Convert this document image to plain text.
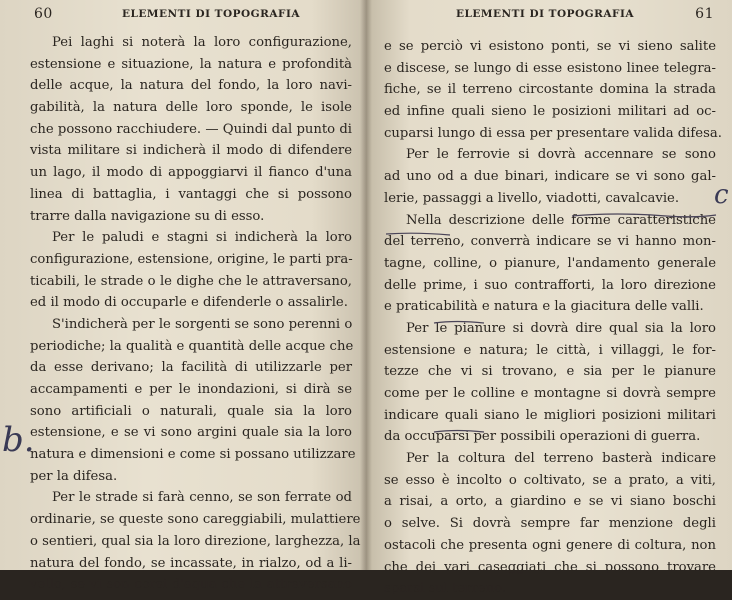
60	ELEMENTI DI TOPOGRAFIA
Pei laghi si noterà la loro configurazione,
estensione e situazione, la natura e profondità
delle acque, la natura del fondo, la loro navi-
gabilità, la natura delle loro sponde, le isole
che possono racchiudere. — Quindi dal punto di
vista militare si indicherà il modo di difendere
un lago, il modo di appoggiarvi il fianco d'una
linea di battaglia, i vantaggi che si possono
trarre dalla navigazione su di esso.
Per le paludi e stagni si indicherà la loro
configurazione, estensione, origine, le parti pra-
ticabili, le strade o le dighe che le attraversano,
ed il modo di occuparle e difenderle o assalirle.
S'indicherà per le sorgenti se sono perenni o
periodiche; la qualità e quantità delle acque che
da esse derivano; la facilità di utilizzarle per
accampamenti e per le inondazioni, si dirà se
sono artificiali o naturali, quale sia la loro
estensione, e se vi sono argini quale sia la loro
natura e dimensioni e come si possano utilizzare
per la difesa.
Per le strade si farà cenno, se son ferrate od
ordinarie, se queste sono careggiabili, mulattiere
o sentieri, qual sia la loro direzione, larghezza, la
natura del fondo, se incassate, in rialzo, od a li-
vello, se vi son corsi d'aqua che la attraversano
b.
ELEMENTI DI TOPOGRAFIA	61
e se perciò vi esistono ponti, se vi sieno salite
e discese, se lungo di esse esistono linee telegra-
fiche, se il terreno circostante domina la strada
ed infine quali sieno le posizioni militari ad oc-
cuparsi lungo di essa per presentare valida difesa.
Per le ferrovie si dovrà accennare se sono
ad uno od a due binari, indicare se vi sono gal-
lerie, passaggi a livello, viadotti, cavalcavie.
Nella descrizione delle forme caratteristiche
del terreno, converrà indicare se vi hanno mon-
tagne, colline, o pianure, l'andamento generale
delle prime, i suo contrafforti, la loro direzione
e praticabilità e natura e la giacitura delle valli.
Per le pianure si dovrà dire qual sia la loro
estensione e natura; le città, i villaggi, le for-
tezze che vi si trovano, e sia per le pianure
come per le colline e montagne si dovrà sempre
indicare quali siano le migliori posizioni militari
da occuparsi per possibili operazioni di guerra.
Per la coltura del terreno basterà indicare
se esso è incolto o coltivato, se a prato, a viti,
a risai, a orto, a giardino e se vi siano boschi
o selve. Si dovrà sempre far menzione degli
ostacoli che presenta ogni genere di coltura, non
che dei vari caseggiati che si possono trovare
sparsi sul terreno.
c
